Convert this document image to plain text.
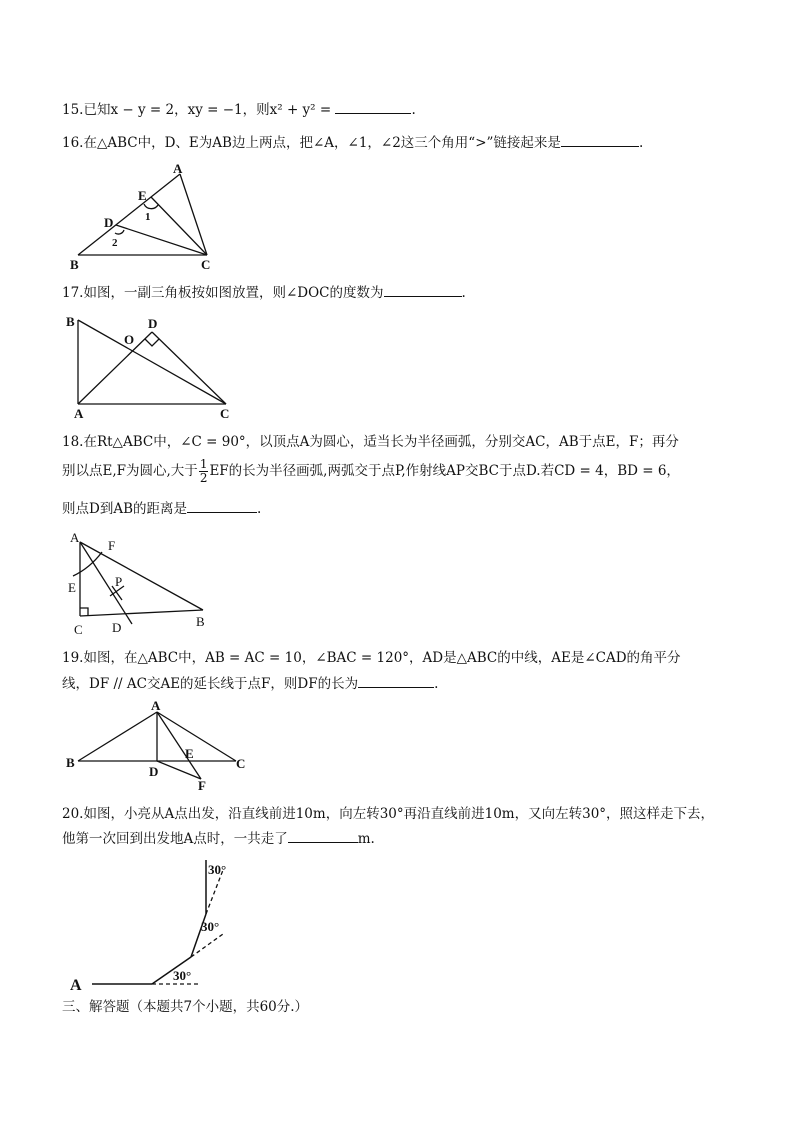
15.已知x − y = 2，xy = −1，则x² + y² =	.
16.在△ABC中，D、E为AB边上两点，把∠A，∠1，∠2这三个角用“>”链接起来是	.
A
B	C
D
E
1
2
17.如图，一副三角板按如图放置，则∠DOC的度数为	.
B
A	C
D
O
18.在Rt△ABC中，∠C = 90°，以顶点A为圆心，适当长为半径画弧，分别交AC，AB于点E，F；再分
别以点E,F为圆心,大于 $\frac{1}{2}$ EF的长为半径画弧,两弧交于点P,作射线AP交BC于点D.若CD = 4，BD = 6，
则点D到AB的距离是	.
A
F
E	P
C D	B
19.如图，在△ABC中，AB = AC = 10，∠BAC = 120°，AD是△ABC的中线，AE是∠CAD的角平分
线，DF // AC交AE的延长线于点F，则DF的长为	.
A
B	C
D
E
F
20.如图，小亮从A点出发，沿直线前进10m，向左转30°再沿直线前进10m，又向左转30°，照这样走下去，
他第一次回到出发地A点时，一共走了	m.
A
30°
30°
30°
三、解答题（本题共7个小题，共60分.）
